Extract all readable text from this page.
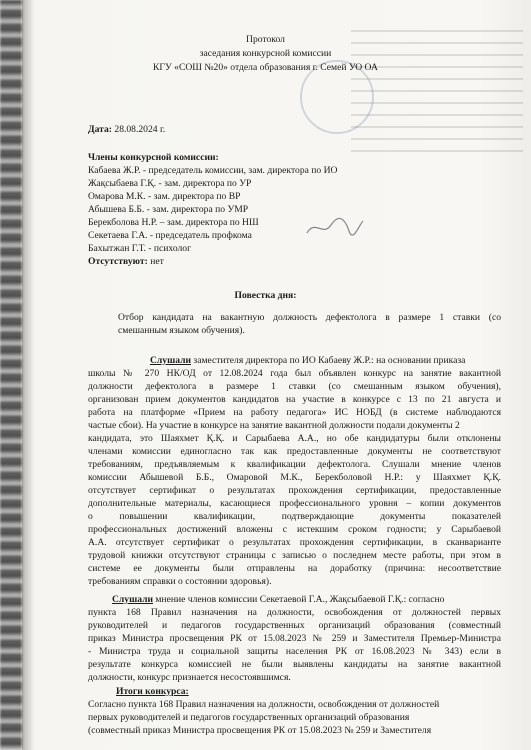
Протокол
заседания конкурсной комиссии
КГУ «СОШ №20» отдела образования г. Семей УО ОА
Дата: 28.08.2024 г.
Члены конкурсной комиссии:
Кабаева Ж.Р. - председатель комиссии, зам. директора по ИО
Жақсыбаева Г.Қ. - зам. директора по УР
Омарова М.К. - зам. директора по ВР
Абышева Б.Б. - зам. директора по УМР
Берекболова Н.Р. – зам. директора по НШ
Секетаева Г.А. - председатель профкома
Бахытжан Г.Т. - психолог
Отсутствуют: нет
Повестка дня:
Отбор кандидата на вакантную должность дефектолога в размере 1 ставки (со
смешанным языком обучения).
Слушали заместителя директора по ИО Кабаеву Ж.Р.: на основании приказа
школы № 270 НК/ОД от 12.08.2024 года был объявлен конкурс на занятие вакантной
должности дефектолога в размере 1 ставки (со смешанным языком обучения),
организован прием документов кандидатов на участие в конкурсе с 13 по 21 августа и
работа на платформе «Прием на работу педагога» ИС НОБД (в системе наблюдаются
частые сбои). На участие в конкурсе на занятие вакантной должности подали документы 2
кандидата, это Шаяхмет Қ.Қ. и Сарыбаева А.А., но обе кандидатуры были отклонены
членами комиссии единогласно так как предоставленные документы не соответствуют
требованиям, предъявляемым к квалификации дефектолога. Слушали мнение членов
комиссии Абышевой Б.Б., Омаровой М.К., Берекболовой Н.Р.: у Шаяхмет Қ.Қ.
отсутствует сертификат о результатах прохождения сертификации, предоставленные
дополнительные материалы, касающиеся профессионального уровня – копии документов
о повышении квалификации, подтверждающие документы показателей
профессиональных достижений вложены с истекшим сроком годности; у Сарыбаевой
А.А. отсутствует сертификат о результатах прохождения сертификации, в сканварианте
трудовой книжки отсутствуют страницы с записью о последнем месте работы, при этом в
системе ее документы были отправлены на доработку (причина: несоответствие
требованиям справки о состоянии здоровья).
Слушали мнение членов комиссии Секетаевой Г.А., Жақсыбаевой Г.Қ.: согласно
пункта 168 Правил назначения на должности, освобождения от должностей первых
руководителей и педагогов государственных организаций образования (совместный
приказ Министра просвещения РК от 15.08.2023 № 259 и Заместителя Премьер-Министра
- Министра труда и социальной защиты населения РК от 16.08.2023 № 343) если в
результате конкурса комиссией не были выявлены кандидаты на занятие вакантной
должности, конкурс признается несостоявшимся.
Итоги конкурса:
Согласно пункта 168 Правил назначения на должности, освобождения от должностей
первых руководителей и педагогов государственных организаций образования
(совместный приказ Министра просвещения РК от 15.08.2023 № 259 и Заместителя
